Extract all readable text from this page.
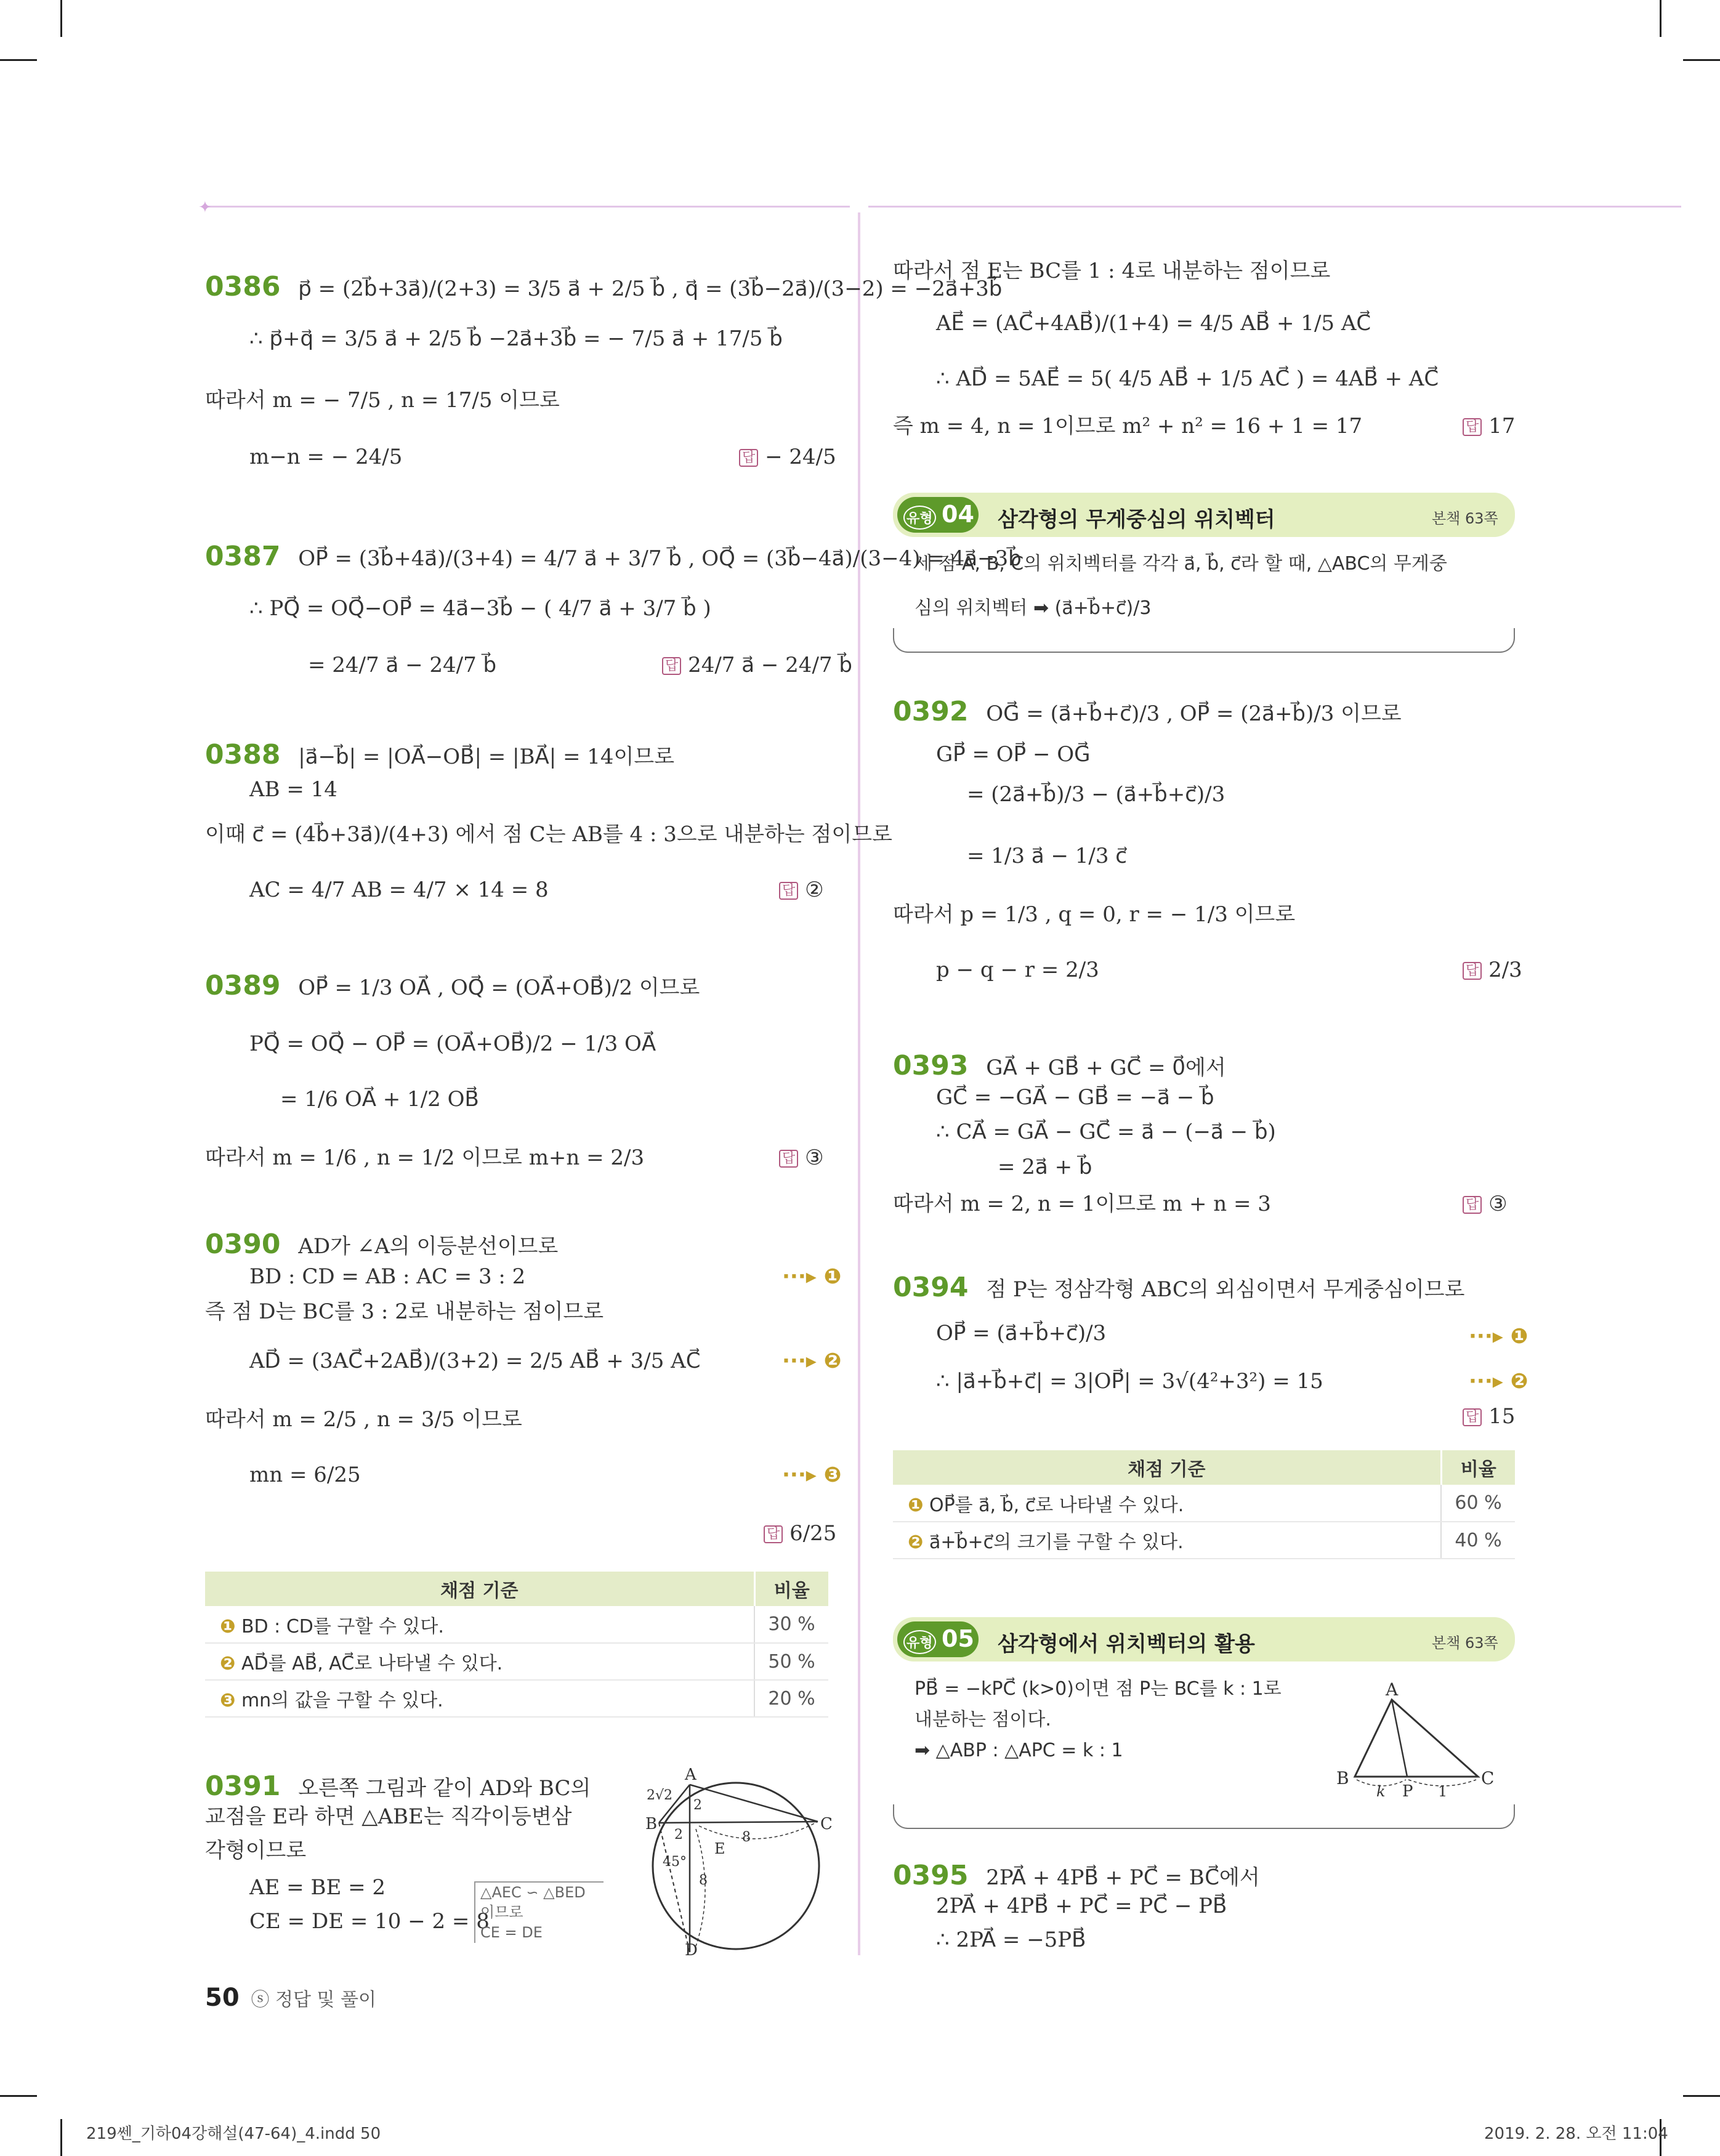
✦
0386 p⃗ = (2b⃗+3a⃗)/(2+3) = 3/5 a⃗ + 2/5 b⃗ , q⃗ = (3b⃗−2a⃗)/(3−2) = −2a⃗+3b⃗
∴ p⃗+q⃗ = 3/5 a⃗ + 2/5 b⃗ −2a⃗+3b⃗ = − 7/5 a⃗ + 17/5 b⃗
따라서 m = − 7/5 , n = 17/5 이므로
m−n = − 24/5	답 − 24/5
0387 OP⃗ = (3b⃗+4a⃗)/(3+4) = 4/7 a⃗ + 3/7 b⃗ , OQ⃗ = (3b⃗−4a⃗)/(3−4) = 4a⃗−3b⃗
∴ PQ⃗ = OQ⃗−OP⃗ = 4a⃗−3b⃗ − ( 4/7 a⃗ + 3/7 b⃗ )
= 24/7 a⃗ − 24/7 b⃗	답 24/7 a⃗ − 24/7 b⃗
0388 |a⃗−b⃗| = |OA⃗−OB⃗| = |BA⃗| = 14이므로
AB = 14
이때 c⃗ = (4b⃗+3a⃗)/(4+3) 에서 점 C는 AB를 4 : 3으로 내분하는 점이므로
AC = 4/7 AB = 4/7 × 14 = 8	답 ②
0389 OP⃗ = 1/3 OA⃗ , OQ⃗ = (OA⃗+OB⃗)/2 이므로
PQ⃗ = OQ⃗ − OP⃗ = (OA⃗+OB⃗)/2 − 1/3 OA⃗
= 1/6 OA⃗ + 1/2 OB⃗
따라서 m = 1/6 , n = 1/2 이므로 m+n = 2/3	답 ③
0390 AD가 ∠A의 이등분선이므로
BD : CD = AB : AC = 3 : 2	···▸ ❶
즉 점 D는 BC를 3 : 2로 내분하는 점이므로
AD⃗ = (3AC⃗+2AB⃗)/(3+2) = 2/5 AB⃗ + 3/5 AC⃗	···▸ ❷
따라서 m = 2/5 , n = 3/5 이므로
mn = 6/25	···▸ ❸
답 6/25
채점 기준	비율
❶ BD : CD를 구할 수 있다.	30 %
❷ AD⃗를 AB⃗, AC⃗로 나타낼 수 있다.	50 %
❸ mn의 값을 구할 수 있다.	20 %
0391 오른쪽 그림과 같이 AD와 BC의
교점을 E라 하면 △ABE는 직각이등변삼
각형이므로
AE = BE = 2
CE = DE = 10 − 2 = 8
△AEC ∽ △BED
이므로
CE = DE
A
B	C
D
E
2√2
2
2	8
8
45°
50 ⓢ 정답 및 풀이
따라서 점 E는 BC를 1 : 4로 내분하는 점이므로
AE⃗ = (AC⃗+4AB⃗)/(1+4) = 4/5 AB⃗ + 1/5 AC⃗
∴ AD⃗ = 5AE⃗ = 5( 4/5 AB⃗ + 1/5 AC⃗ ) = 4AB⃗ + AC⃗
즉 m = 4, n = 1이므로 m² + n² = 16 + 1 = 17	답 17
유형 04 삼각형의 무게중심의 위치벡터	본책 63쪽
세 점 A, B, C의 위치벡터를 각각 a⃗, b⃗, c⃗라 할 때, △ABC의 무게중
심의 위치벡터 ➡ (a⃗+b⃗+c⃗)/3
0392 OG⃗ = (a⃗+b⃗+c⃗)/3 , OP⃗ = (2a⃗+b⃗)/3 이므로
GP⃗ = OP⃗ − OG⃗
= (2a⃗+b⃗)/3 − (a⃗+b⃗+c⃗)/3
= 1/3 a⃗ − 1/3 c⃗
따라서 p = 1/3 , q = 0, r = − 1/3 이므로
p − q − r = 2/3	답 2/3
0393 GA⃗ + GB⃗ + GC⃗ = 0⃗에서
GC⃗ = −GA⃗ − GB⃗ = −a⃗ − b⃗
∴ CA⃗ = GA⃗ − GC⃗ = a⃗ − (−a⃗ − b⃗)
= 2a⃗ + b⃗
따라서 m = 2, n = 1이므로 m + n = 3	답 ③
0394 점 P는 정삼각형 ABC의 외심이면서 무게중심이므로
OP⃗ = (a⃗+b⃗+c⃗)/3	···▸ ❶
∴ |a⃗+b⃗+c⃗| = 3|OP⃗| = 3√(4²+3²) = 15	···▸ ❷
답 15
채점 기준	비율
❶ OP⃗를 a⃗, b⃗, c⃗로 나타낼 수 있다.	60 %
❷ a⃗+b⃗+c⃗의 크기를 구할 수 있다.	40 %
유형 05 삼각형에서 위치벡터의 활용	본책 63쪽
PB⃗ = −kPC⃗ (k>0)이면 점 P는 BC를 k : 1로
내분하는 점이다.
➡ △ABP : △APC = k : 1
A
B	C
P
k	1
0395 2PA⃗ + 4PB⃗ + PC⃗ = BC⃗에서
2PA⃗ + 4PB⃗ + PC⃗ = PC⃗ − PB⃗
∴ 2PA⃗ = −5PB⃗
219쎈_기하04강해설(47-64)_4.indd 50	2019. 2. 28. 오전 11:04
